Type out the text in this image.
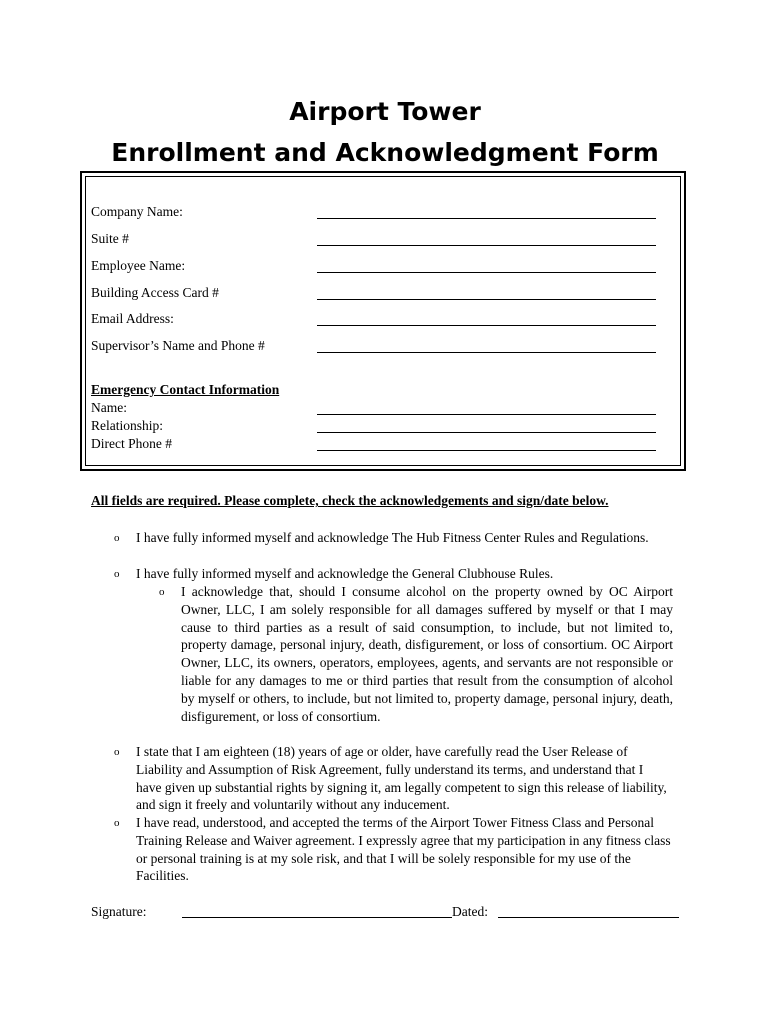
Airport Tower
Enrollment and Acknowledgment Form
Company Name:
Suite #
Employee Name:
Building Access Card #
Email Address:
Supervisor’s Name and Phone #
Emergency Contact Information
Name:
Relationship:
Direct Phone #
All fields are required. Please complete, check the acknowledgements and sign/date below.
o I have fully informed myself and acknowledge The Hub Fitness Center Rules and Regulations.
o I have fully informed myself and acknowledge the General Clubhouse Rules.
o I acknowledge that, should I consume alcohol on the property owned by OC Airport Owner, LLC, I am solely responsible for all damages suffered by myself or that I may cause to third parties as a result of said consumption, to include, but not limited to, property damage, personal injury, death, disfigurement, or loss of consortium. OC Airport Owner, LLC, its owners, operators, employees, agents, and servants are not responsible or liable for any damages to me or third parties that result from the consumption of alcohol by myself or others, to include, but not limited to, property damage, personal injury, death, disfigurement, or loss of consortium.
o I state that I am eighteen (18) years of age or older, have carefully read the User Release of Liability and Assumption of Risk Agreement, fully understand its terms, and understand that I have given up substantial rights by signing it, am legally competent to sign this release of liability, and sign it freely and voluntarily without any inducement.
o I have read, understood, and accepted the terms of the Airport Tower Fitness Class and Personal Training Release and Waiver agreement. I expressly agree that my participation in any fitness class or personal training is at my sole risk, and that I will be solely responsible for my use of the Facilities.
Signature:	Dated:
